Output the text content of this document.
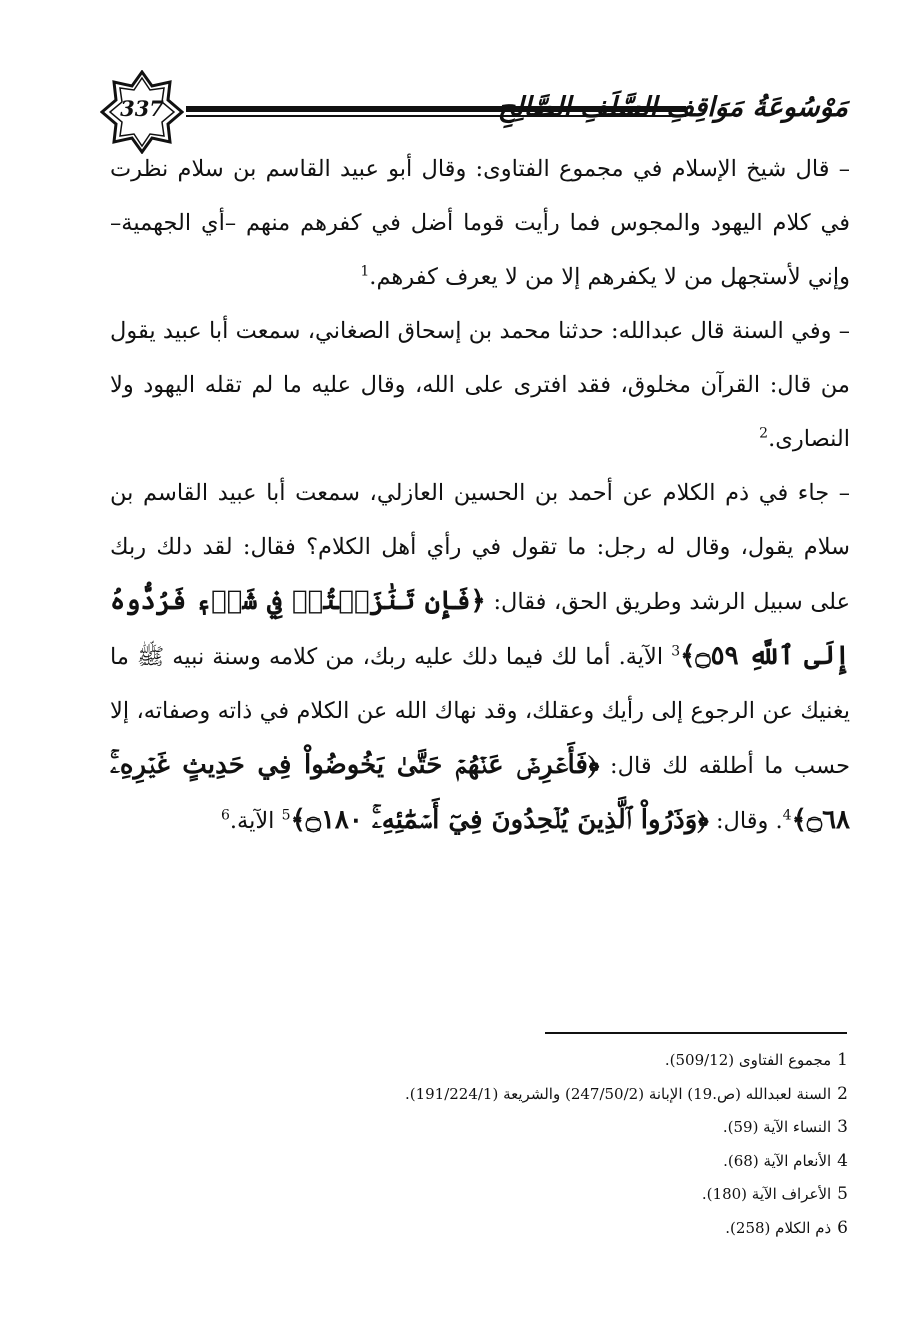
337	مَوْسُوعَةُ مَوَاقِفِ السَّلَفِ الصَّالِحِ

– قال شيخ الإسلام في مجموع الفتاوى: وقال أبو عبيد القاسم بن سلام نظرت في كلام اليهود والمجوس فما رأيت قوما أضل في كفرهم منهم –أي الجهمية– وإني لأستجهل من لا يكفرهم إلا من لا يعرف كفرهم.$^1$

– وفي السنة قال عبدالله: حدثنا محمد بن إسحاق الصغاني، سمعت أبا عبيد يقول من قال: القرآن مخلوق، فقد افترى على الله، وقال عليه ما لم تقله اليهود ولا النصارى.$^2$

– جاء في ذم الكلام عن أحمد بن الحسين العازلي، سمعت أبا عبيد القاسم بن سلام يقول، وقال له رجل: ما تقول في رأي أهل الكلام؟ فقال: لقد دلك ربك على سبيل الرشد وطريق الحق، فقال: ﴿فَإِن تَنَٰزَعۡتُمۡ فِي شَيۡءٖ فَرُدُّوهُ إِلَى ٱللَّهِ ۝٥٩﴾$^3$ الآية. أما لك فيما دلك عليه ربك، من كلامه وسنة نبيه ﷺ ما يغنيك عن الرجوع إلى رأيك وعقلك، وقد نهاك الله عن الكلام في ذاته وصفاته، إلا حسب ما أطلقه لك قال: ﴿فَأَعۡرِضۡ عَنۡهُمۡ حَتَّىٰ يَخُوضُواْ فِي حَدِيثٍ غَيۡرِهِۦۚ ۝٦٨﴾$^4$. وقال: ﴿وَذَرُواْ ٱلَّذِينَ يُلۡحِدُونَ فِيٓ أَسۡمَٰٓئِهِۦۚ ۝١٨٠﴾$^5$ الآية.$^6$

1مجموع الفتاوى (509/12).
2السنة لعبدالله (ص.19) الإبانة (247/50/2) والشريعة (191/224/1).
3النساء الآية (59).
4الأنعام الآية (68).
5الأعراف الآية (180).
6ذم الكلام (258).
